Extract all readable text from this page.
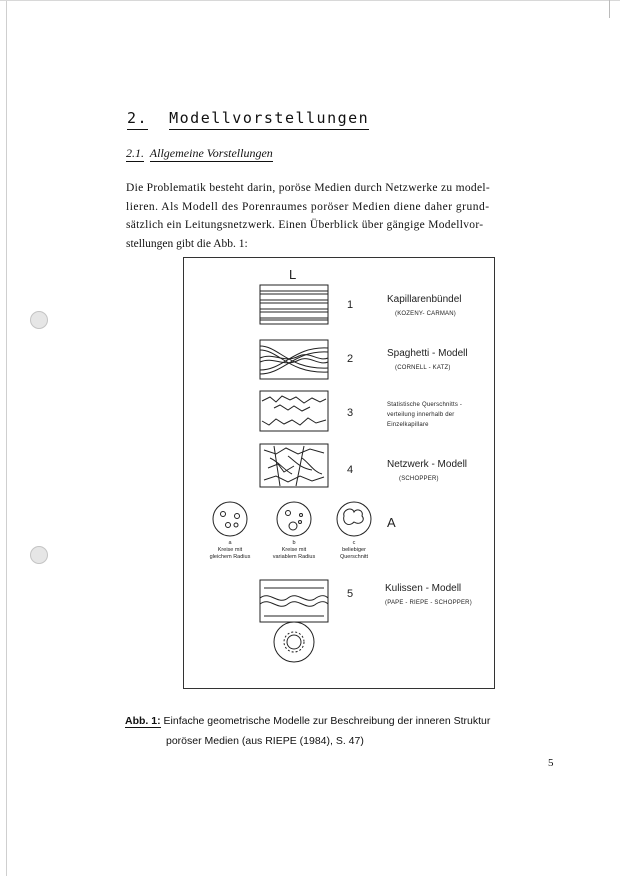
2. Modellvorstellungen
2.1. Allgemeine Vorstellungen
Die Problematik besteht darin, poröse Medien durch Netzwerke zu model-
lieren. Als Modell des Porenraumes poröser Medien diene daher grund-
sätzlich ein Leitungsnetzwerk. Einen Überblick über gängige Modellvor-
stellungen gibt die Abb. 1:
L
1	Kapillarenbündel
(KOZENY- CARMAN)
2	Spaghetti - Modell
(CORNELL - KATZ)
3
Statistische Querschnitts -
verteilung innerhalb der
Einzelkapillare
4	Netzwerk - Modell
(SCHOPPER)
A
a
Kreise mit
gleichem Radius
b
Kreise mit
variablem Radius
c
beliebiger
Querschnitt
5	Kulissen - Modell
(PAPE - RIEPE - SCHOPPER)
Abb. 1: Einfache geometrische Modelle zur Beschreibung der inneren Struktur
poröser Medien (aus RIEPE (1984), S. 47)
5
